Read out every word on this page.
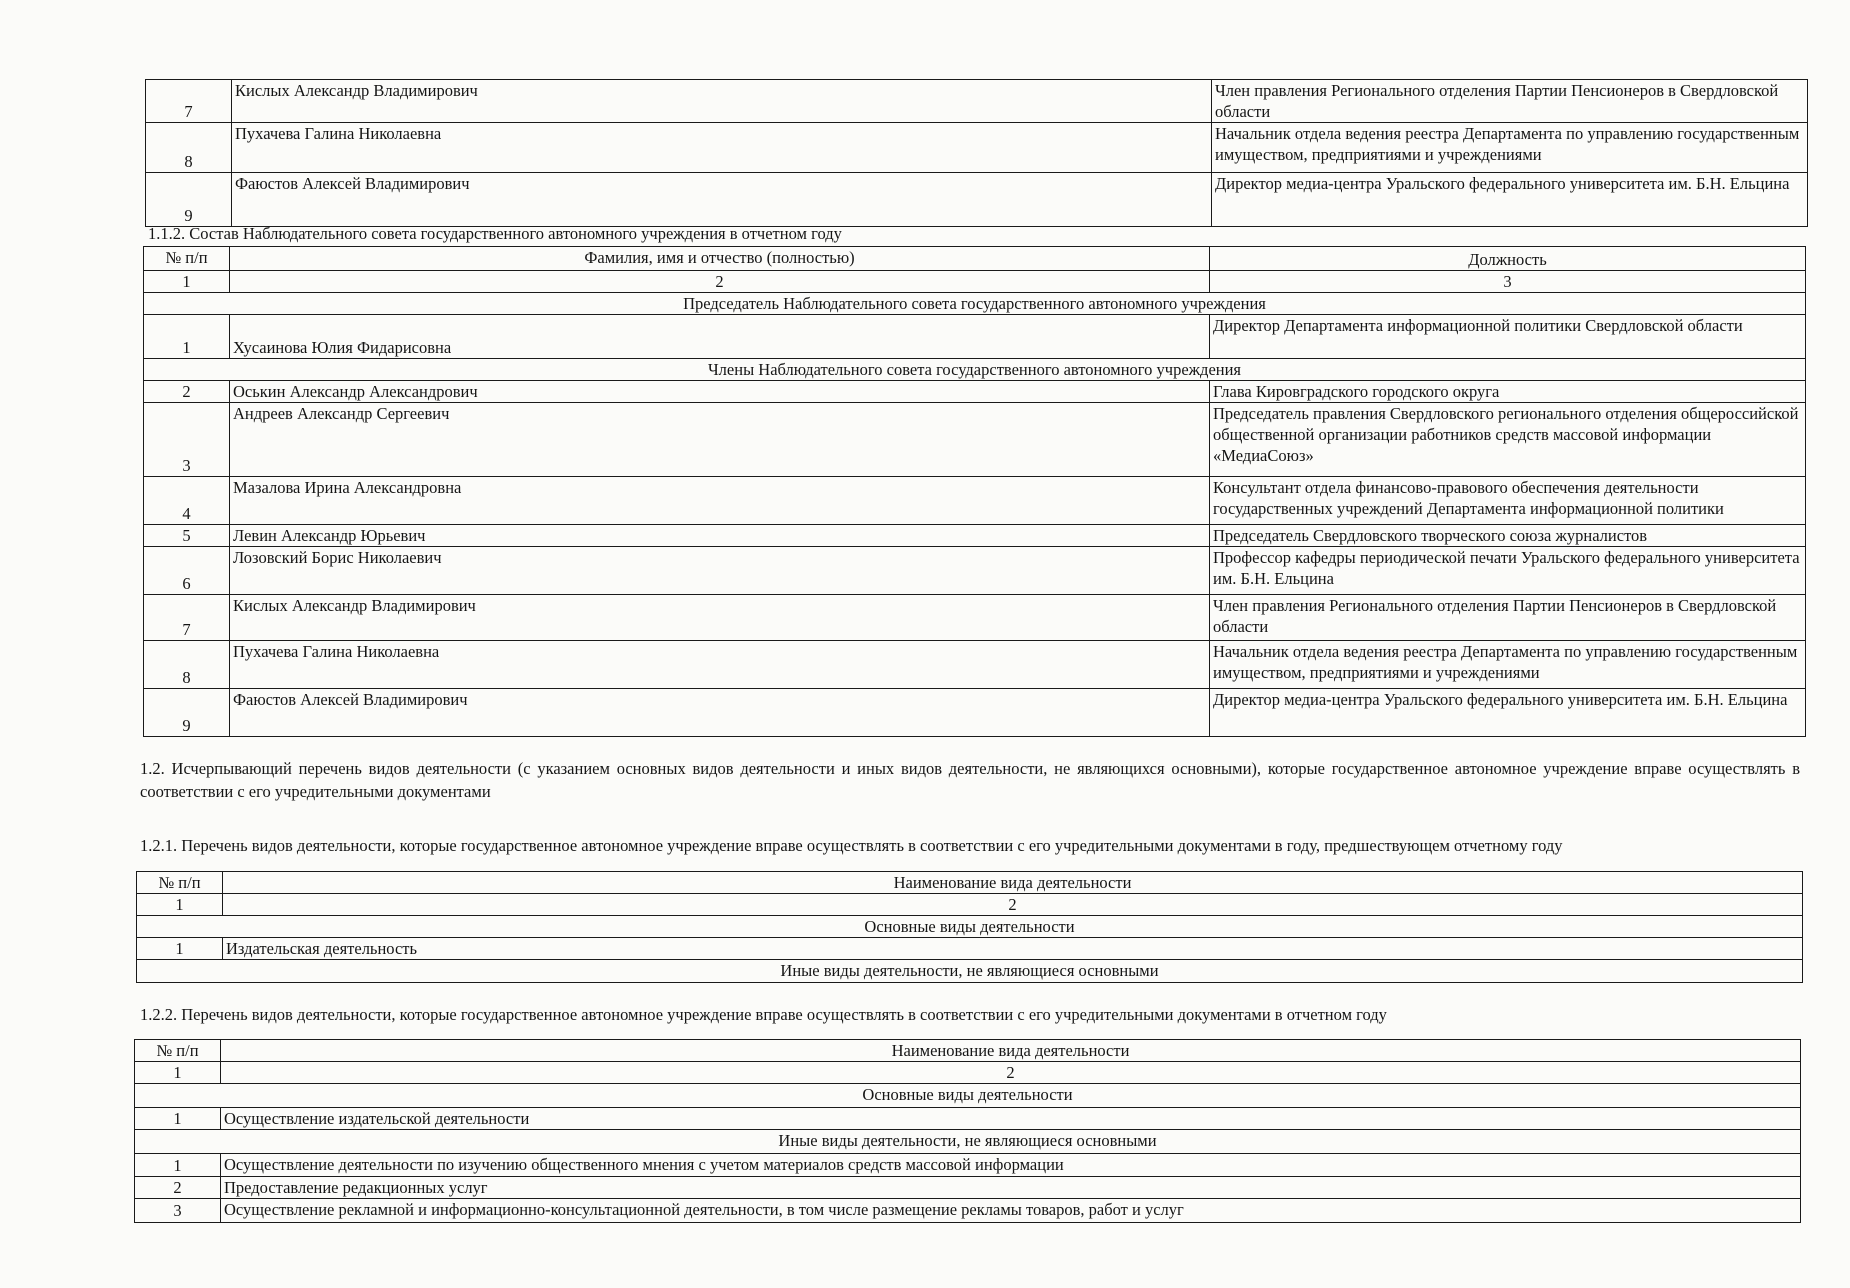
7	Кислых Александр Владимирович	Член правления Регионального отделения Партии Пенсионеров в Свердловской области
8	Пухачева Галина Николаевна	Начальник отдела ведения реестра Департамента по управлению государственным имуществом, предприятиями и учреждениями
9	Фаюстов Алексей Владимирович	Директор медиа-центра Уральского федерального университета им. Б.Н. Ельцина
1.1.2. Состав Наблюдательного совета государственного автономного учреждения в отчетном году
№ п/п	Фамилия, имя и отчество (полностью)	Должность
1	2	3
Председатель Наблюдательного совета государственного автономного учреждения		
1	Хусаинова Юлия Фидарисовна	Директор Департамента информационной политики Свердловской области
Члены Наблюдательного совета государственного автономного учреждения		
2	Оськин Александр Александрович	Глава Кировградского городского округа
3	Андреев Александр Сергеевич	Председатель правления Свердловского регионального отделения общероссийской общественной организации работников средств массовой информации «МедиаСоюз»
4	Мазалова Ирина Александровна	Консультант отдела финансово-правового обеспечения деятельности государственных учреждений Департамента информационной политики
5	Левин Александр Юрьевич	Председатель Свердловского творческого союза журналистов
6	Лозовский Борис Николаевич	Профессор кафедры периодической печати Уральского федерального университета им. Б.Н. Ельцина
7	Кислых Александр Владимирович	Член правления Регионального отделения Партии Пенсионеров в Свердловской области
8	Пухачева Галина Николаевна	Начальник отдела ведения реестра Департамента по управлению государственным имуществом, предприятиями и учреждениями
9	Фаюстов Алексей Владимирович	Директор медиа-центра Уральского федерального университета им. Б.Н. Ельцина
1.2. Исчерпывающий перечень видов деятельности (с указанием основных видов деятельности и иных видов деятельности, не являющихся основными), которые государственное автономное учреждение вправе осуществлять в соответствии с его учредительными документами
1.2.1. Перечень видов деятельности, которые государственное автономное учреждение вправе осуществлять в соответствии с его учредительными документами в году, предшествующем отчетному году
№ п/п	Наименование вида деятельности
1	2
Основные виды деятельности	
1	Издательская деятельность
Иные виды деятельности, не являющиеся основными	
1.2.2. Перечень видов деятельности, которые государственное автономное учреждение вправе осуществлять в соответствии с его учредительными документами в отчетном году
№ п/п	Наименование вида деятельности
1	2
Основные виды деятельности	
1	Осуществление издательской деятельности
Иные виды деятельности, не являющиеся основными	
1	Осуществление деятельности по изучению общественного мнения с учетом материалов средств массовой информации
2	Предоставление редакционных услуг
3	Осуществление рекламной и информационно-консультационной деятельности, в том числе размещение рекламы товаров, работ и услуг
